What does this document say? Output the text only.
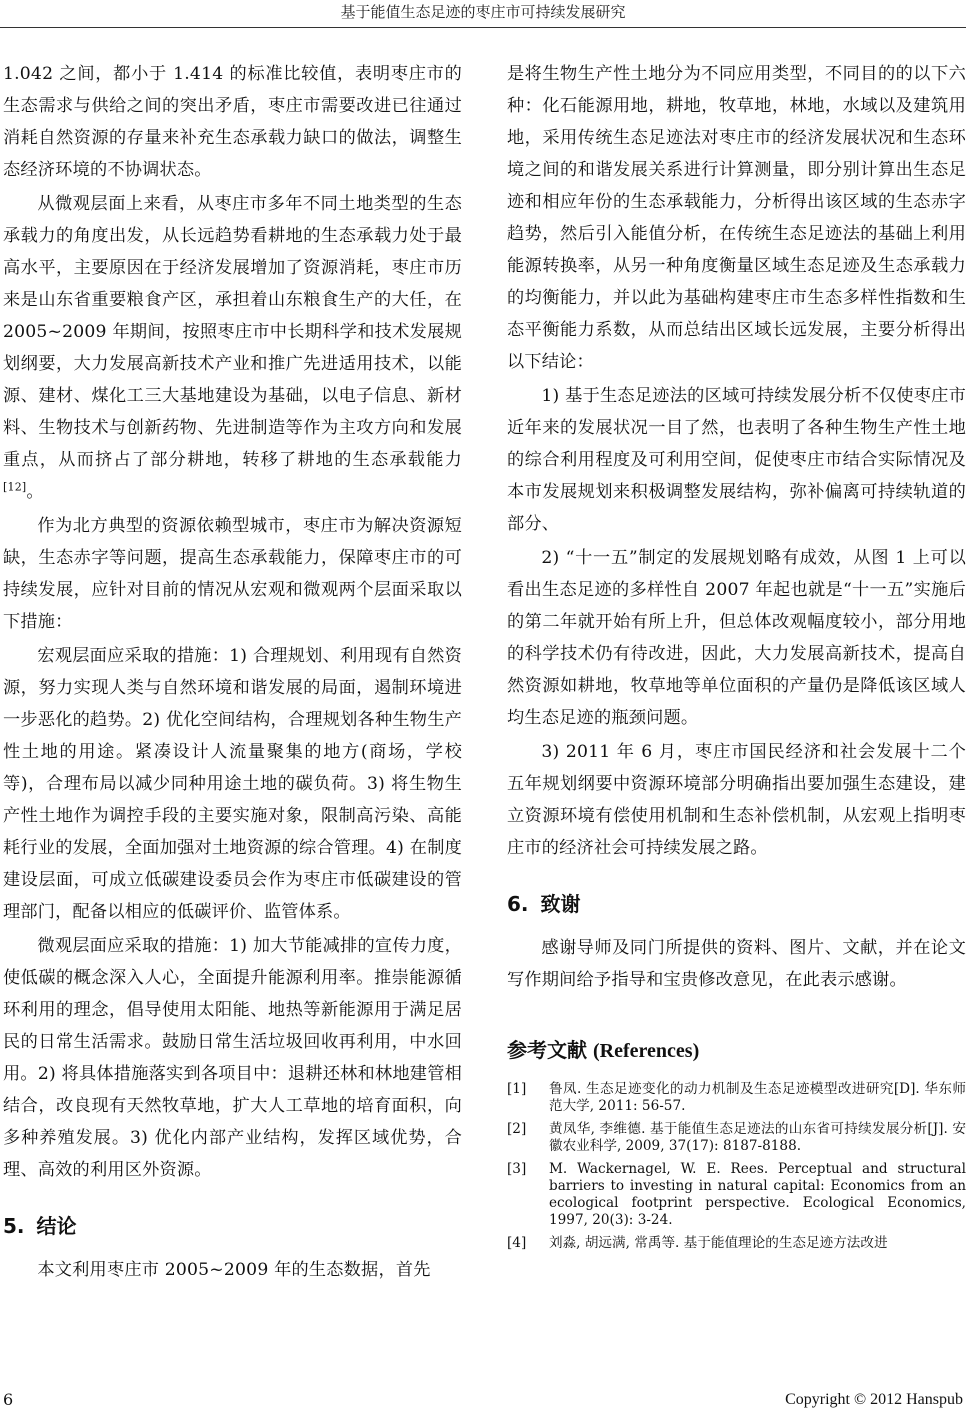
基于能值生态足迹的枣庄市可持续发展研究

1.042 之间，都小于 1.414 的标准比较值，表明枣庄市的生态需求与供给之间的突出矛盾，枣庄市需要改进已往通过消耗自然资源的存量来补充生态承载力缺口的做法，调整生态经济环境的不协调状态。

从微观层面上来看，从枣庄市多年不同土地类型的生态承载力的角度出发，从长远趋势看耕地的生态承载力处于最高水平，主要原因在于经济发展增加了资源消耗，枣庄市历来是山东省重要粮食产区，承担着山东粮食生产的大任，在 2005~2009 年期间，按照枣庄市中长期科学和技术发展规划纲要，大力发展高新技术产业和推广先进适用技术，以能源、建材、煤化工三大基地建设为基础，以电子信息、新材料、生物技术与创新药物、先进制造等作为主攻方向和发展重点，从而挤占了部分耕地，转移了耕地的生态承载能力[12]。

作为北方典型的资源依赖型城市，枣庄市为解决资源短缺，生态赤字等问题，提高生态承载能力，保障枣庄市的可持续发展，应针对目前的情况从宏观和微观两个层面采取以下措施：

宏观层面应采取的措施：1) 合理规划、利用现有自然资源，努力实现人类与自然环境和谐发展的局面，遏制环境进一步恶化的趋势。2) 优化空间结构，合理规划各种生物生产性土地的用途。紧凑设计人流量聚集的地方(商场，学校等)，合理布局以减少同种用途土地的碳负荷。3) 将生物生产性土地作为调控手段的主要实施对象，限制高污染、高能耗行业的发展，全面加强对土地资源的综合管理。4) 在制度建设层面，可成立低碳建设委员会作为枣庄市低碳建设的管理部门，配备以相应的低碳评价、监管体系。

微观层面应采取的措施：1) 加大节能减排的宣传力度，使低碳的概念深入人心，全面提升能源利用率。推崇能源循环利用的理念，倡导使用太阳能、地热等新能源用于满足居民的日常生活需求。鼓励日常生活垃圾回收再利用，中水回用。2) 将具体措施落实到各项目中：退耕还林和林地建管相结合，改良现有天然牧草地，扩大人工草地的培育面积，向多种养殖发展。3) 优化内部产业结构，发挥区域优势，合理、高效的利用区外资源。

5. 结论

本文利用枣庄市 2005~2009 年的生态数据，首先

是将生物生产性土地分为不同应用类型，不同目的的以下六种：化石能源用地，耕地，牧草地，林地，水域以及建筑用地，采用传统生态足迹法对枣庄市的经济发展状况和生态环境之间的和谐发展关系进行计算测量，即分别计算出生态足迹和相应年份的生态承载能力，分析得出该区域的生态赤字趋势，然后引入能值分析，在传统生态足迹法的基础上利用能源转换率，从另一种角度衡量区域生态足迹及生态承载力的均衡能力，并以此为基础构建枣庄市生态多样性指数和生态平衡能力系数，从而总结出区域长远发展，主要分析得出以下结论：

1) 基于生态足迹法的区域可持续发展分析不仅使枣庄市近年来的发展状况一目了然，也表明了各种生物生产性土地的综合利用程度及可利用空间，促使枣庄市结合实际情况及本市发展规划来积极调整发展结构，弥补偏离可持续轨道的部分、

2) “十一五”制定的发展规划略有成效，从图 1 上可以看出生态足迹的多样性自 2007 年起也就是“十一五”实施后的第二年就开始有所上升，但总体改观幅度较小，部分用地的科学技术仍有待改进，因此，大力发展高新技术，提高自然资源如耕地，牧草地等单位面积的产量仍是降低该区域人均生态足迹的瓶颈问题。

3) 2011 年 6 月，枣庄市国民经济和社会发展十二个五年规划纲要中资源环境部分明确指出要加强生态建设，建立资源环境有偿使用机制和生态补偿机制，从宏观上指明枣庄市的经济社会可持续发展之路。

6. 致谢

感谢导师及同门所提供的资料、图片、文献，并在论文写作期间给予指导和宝贵修改意见，在此表示感谢。

参考文献 (References)
[1]	鲁凤. 生态足迹变化的动力机制及生态足迹模型改进研究[D]. 华东师范大学, 2011: 56-57.
[2]	黄凤华, 李维德. 基于能值生态足迹法的山东省可持续发展分析[J]. 安徽农业科学, 2009, 37(17): 8187-8188.
[3]	M. Wackernagel, W. E. Rees. Perceptual and structural barriers to investing in natural capital: Economics from an ecological footprint perspective. Ecological Economics, 1997, 20(3): 3-24.
[4]	刘淼, 胡远满, 常禹等. 基于能值理论的生态足迹方法改进
6	Copyright © 2012 Hanspub
